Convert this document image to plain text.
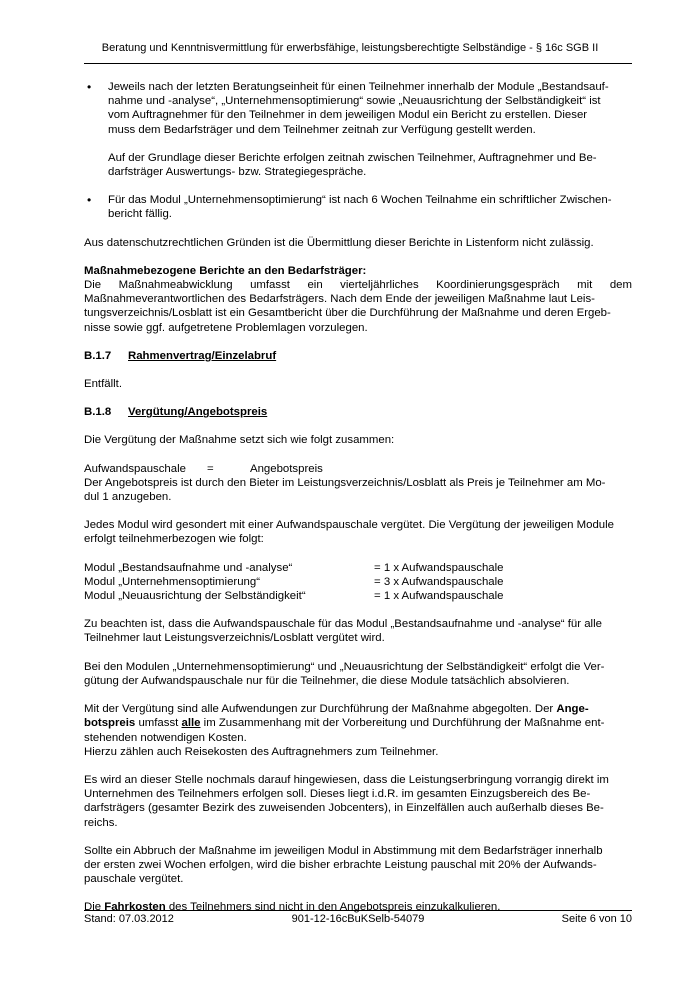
Beratung und Kenntnisvermittlung für erwerbsfähige, leistungsberechtigte Selbständige - § 16c SGB II
• Jeweils nach der letzten Beratungseinheit für einen Teilnehmer innerhalb der Module „Bestandsauf-
nahme und -analyse“, „Unternehmensoptimierung“ sowie „Neuausrichtung der Selbständigkeit“ ist
vom Auftragnehmer für den Teilnehmer in dem jeweiligen Modul ein Bericht zu erstellen. Dieser
muss dem Bedarfsträger und dem Teilnehmer zeitnah zur Verfügung gestellt werden.

Auf der Grundlage dieser Berichte erfolgen zeitnah zwischen Teilnehmer, Auftragnehmer und Be-
darfsträger Auswertungs- bzw. Strategiegespräche.

• Für das Modul „Unternehmensoptimierung“ ist nach 6 Wochen Teilnahme ein schriftlicher Zwischen-
bericht fällig.

Aus datenschutzrechtlichen Gründen ist die Übermittlung dieser Berichte in Listenform nicht zulässig.

Maßnahmebezogene Berichte an den Bedarfsträger:

Die Maßnahmeabwicklung umfasst ein vierteljährliches Koordinierungsgespräch mit dem
Maßnahmeverantwortlichen des Bedarfsträgers. Nach dem Ende der jeweiligen Maßnahme laut Leis-
tungsverzeichnis/Losblatt ist ein Gesamtbericht über die Durchführung der Maßnahme und deren Ergeb-
nisse sowie ggf. aufgetretene Problemlagen vorzulegen.

B.1.7 Rahmenvertrag/Einzelabruf

Entfällt.

B.1.8 Vergütung/Angebotspreis

Die Vergütung der Maßnahme setzt sich wie folgt zusammen:

Aufwandspauschale	=	Angebotspreis

Der Angebotspreis ist durch den Bieter im Leistungsverzeichnis/Losblatt als Preis je Teilnehmer am Mo-
dul 1 anzugeben.

Jedes Modul wird gesondert mit einer Aufwandspauschale vergütet. Die Vergütung der jeweiligen Module
erfolgt teilnehmerbezogen wie folgt:

Modul „Bestandsaufnahme und -analyse“	= 1 x Aufwandspauschale
Modul „Unternehmensoptimierung“	= 3 x Aufwandspauschale
Modul „Neuausrichtung der Selbständigkeit“	= 1 x Aufwandspauschale

Zu beachten ist, dass die Aufwandspauschale für das Modul „Bestandsaufnahme und -analyse“ für alle
Teilnehmer laut Leistungsverzeichnis/Losblatt vergütet wird.

Bei den Modulen „Unternehmensoptimierung“ und „Neuausrichtung der Selbständigkeit“ erfolgt die Ver-
gütung der Aufwandspauschale nur für die Teilnehmer, die diese Module tatsächlich absolvieren.

Mit der Vergütung sind alle Aufwendungen zur Durchführung der Maßnahme abgegolten. Der Ange-
botspreis umfasst alle im Zusammenhang mit der Vorbereitung und Durchführung der Maßnahme ent-
stehenden notwendigen Kosten.
Hierzu zählen auch Reisekosten des Auftragnehmers zum Teilnehmer.

Es wird an dieser Stelle nochmals darauf hingewiesen, dass die Leistungserbringung vorrangig direkt im
Unternehmen des Teilnehmers erfolgen soll. Dieses liegt i.d.R. im gesamten Einzugsbereich des Be-
darfsträgers (gesamter Bezirk des zuweisenden Jobcenters), in Einzelfällen auch außerhalb dieses Be-
reichs.

Sollte ein Abbruch der Maßnahme im jeweiligen Modul in Abstimmung mit dem Bedarfsträger innerhalb
der ersten zwei Wochen erfolgen, wird die bisher erbrachte Leistung pauschal mit 20% der Aufwands-
pauschale vergütet.

Die Fahrkosten des Teilnehmers sind nicht in den Angebotspreis einzukalkulieren.

Stand: 07.03.2012	901-12-16cBuKSelb-54079	Seite 6 von 10
